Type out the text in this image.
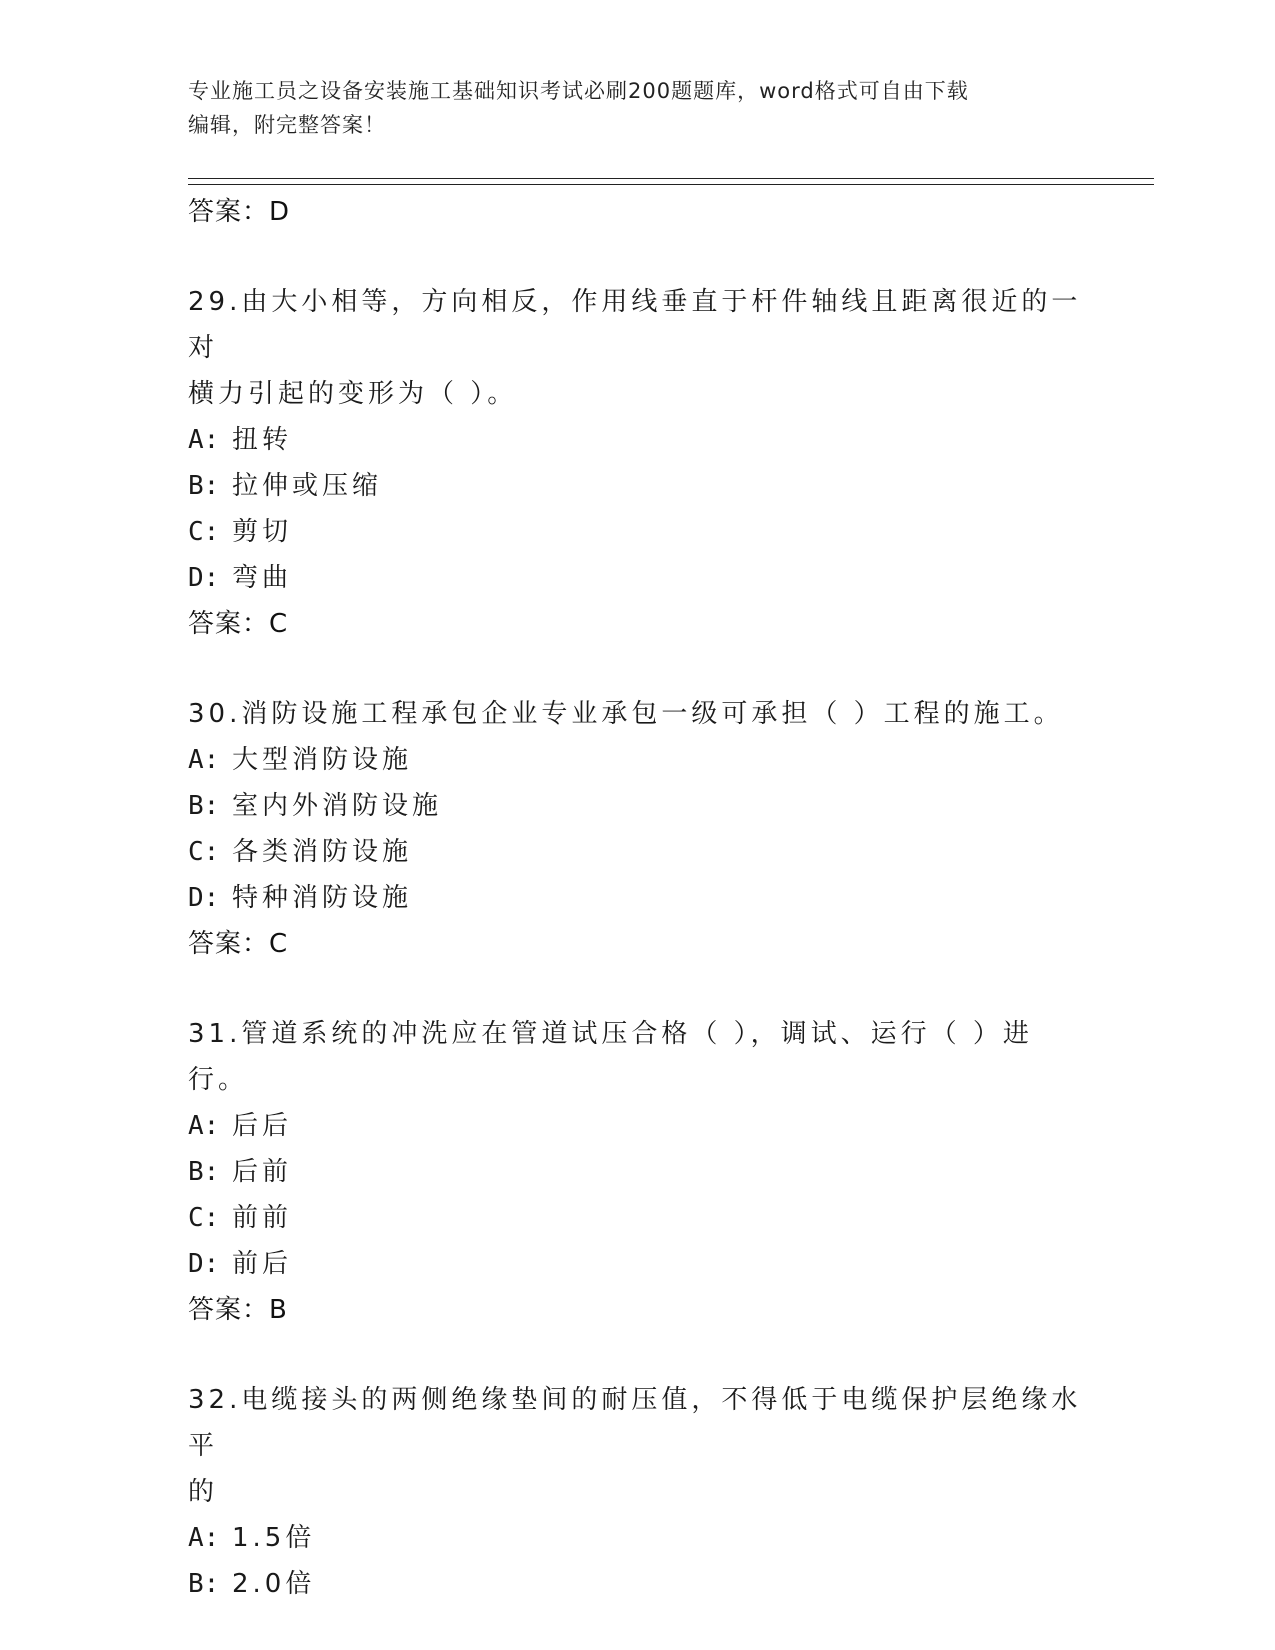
专业施工员之设备安装施工基础知识考试必刷200题题库，word格式可自由下载
编辑，附完整答案！
答案：D
29.由大小相等，方向相反，作用线垂直于杆件轴线且距离很近的一对
横力引起的变形为（ ）。
A: 扭转
B: 拉伸或压缩
C: 剪切
D: 弯曲
答案：C
30.消防设施工程承包企业专业承包一级可承担（ ）工程的施工。
A: 大型消防设施
B: 室内外消防设施
C: 各类消防设施
D: 特种消防设施
答案：C
31.管道系统的冲洗应在管道试压合格（ ），调试、运行（ ）进行。
A: 后后
B: 后前
C: 前前
D: 前后
答案：B
32.电缆接头的两侧绝缘垫间的耐压值，不得低于电缆保护层绝缘水平
的
A: 1.5倍
B: 2.0倍
